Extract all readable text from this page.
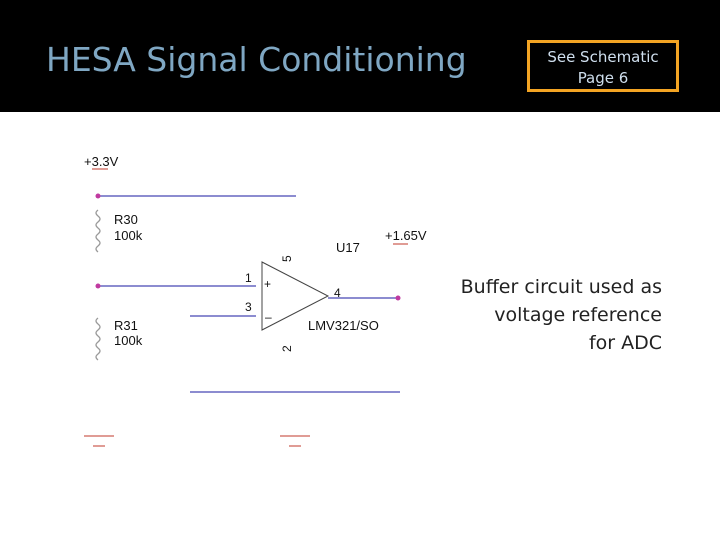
HESA Signal Conditioning	See Schematic
Page 6
+3.3V
R30
100k
R31
100k
U17
LMV321/SO
+
–
1
3
4
5
2
+1.65V
Buffer circuit used as
voltage reference
for ADC
